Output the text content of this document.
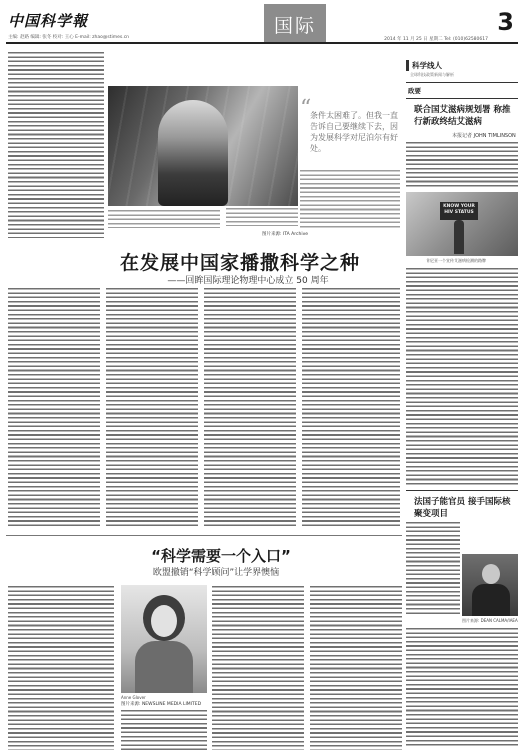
中国科学報
主编: 赵路 编辑: 张冬 校对: 王心 E-mail: zhao@stimes.cn
国际
2014 年 11 月 25 日 星期二 Tel: (010)62580617
3
图片来源: ITA Archive
“
条件太困难了。但我一直告诉自己要继续下去，因为发展科学对尼泊尔有好处。
在发展中国家播撒科学之种
——回眸国际理论物理中心成立 50 周年
科学线人
全球科技政策新闻与解析
政要
联合国艾滋病规划署 称推行新政终结艾滋病
本报记者 JOHN TIMLINSON
KNOW YOUR HIV STATUS
肯尼亚一个宣传艾滋病检测的路牌
法国子能官员 接手国际核聚变项目
图片来源: DEAN CALMA/IAEA
“科学需要一个入口”
欧盟撤销“科学顾问”让学界懊恼
Anne Glover
图片来源: NEWSLINE MEDIA LIMITED
